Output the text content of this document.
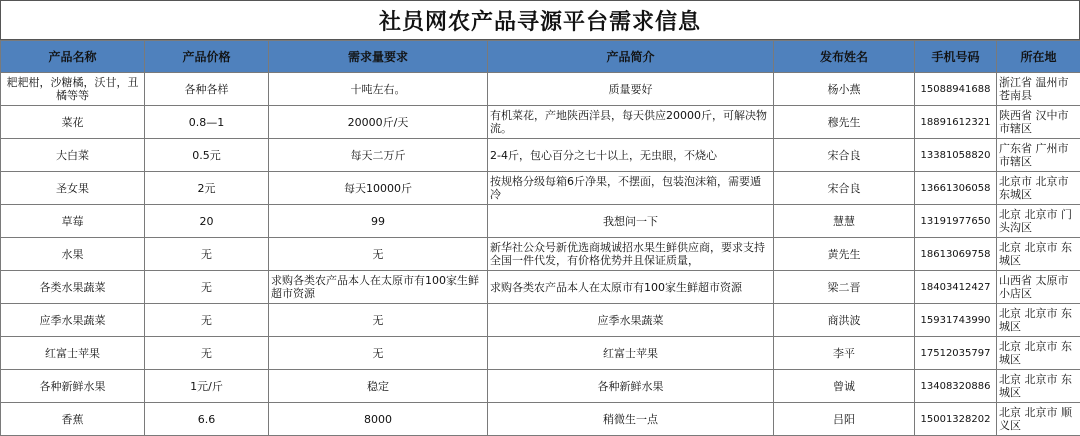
社员网农产品寻源平台需求信息
产品名称	产品价格	需求量要求	产品简介	发布姓名	手机号码	所在地

耙耙柑，沙糖橘，沃甘，丑橘等等	各种各样	十吨左右。	质量要好	杨小燕	15088941688	浙江省 温州市 苍南县

菜花	0.8—1	20000斤/天	有机菜花，产地陕西洋县，每天供应20000斤，可解决物流。	穆先生	18891612321	陕西省 汉中市 市辖区

大白菜	0.5元	每天二万斤	2-4斤，包心百分之七十以上，无虫眼，不烧心	宋合良	13381058820	广东省 广州市 市辖区

圣女果	2元	每天10000斤	按规格分级每箱6斤净果，不摆面，包装泡沫箱，需要遁冷	宋合良	13661306058	北京市 北京市 东城区

草莓	20	99	我想问一下	慧慧	13191977650	北京 北京市 门头沟区

水果	无	无	新华社公众号新优选商城诚招水果生鲜供应商，要求支持全国一件代发，有价格优势并且保证质量，	黄先生	18613069758	北京 北京市 东城区

各类水果蔬菜	无	求购各类农产品本人在太原市有100家生鲜超市资源	求购各类农产品本人在太原市有100家生鲜超市资源	梁二晋	18403412427	山西省 太原市 小店区

应季水果蔬菜	无	无	应季水果蔬菜	商洪波	15931743990	北京 北京市 东城区

红富士苹果	无	无	红富士苹果	李平	17512035797	北京 北京市 东城区

各种新鲜水果	1元/斤	稳定	各种新鲜水果	曾诚	13408320886	北京 北京市 东城区

香蕉	6.6	8000	稍微生一点	吕阳	15001328202	北京 北京市 顺义区
